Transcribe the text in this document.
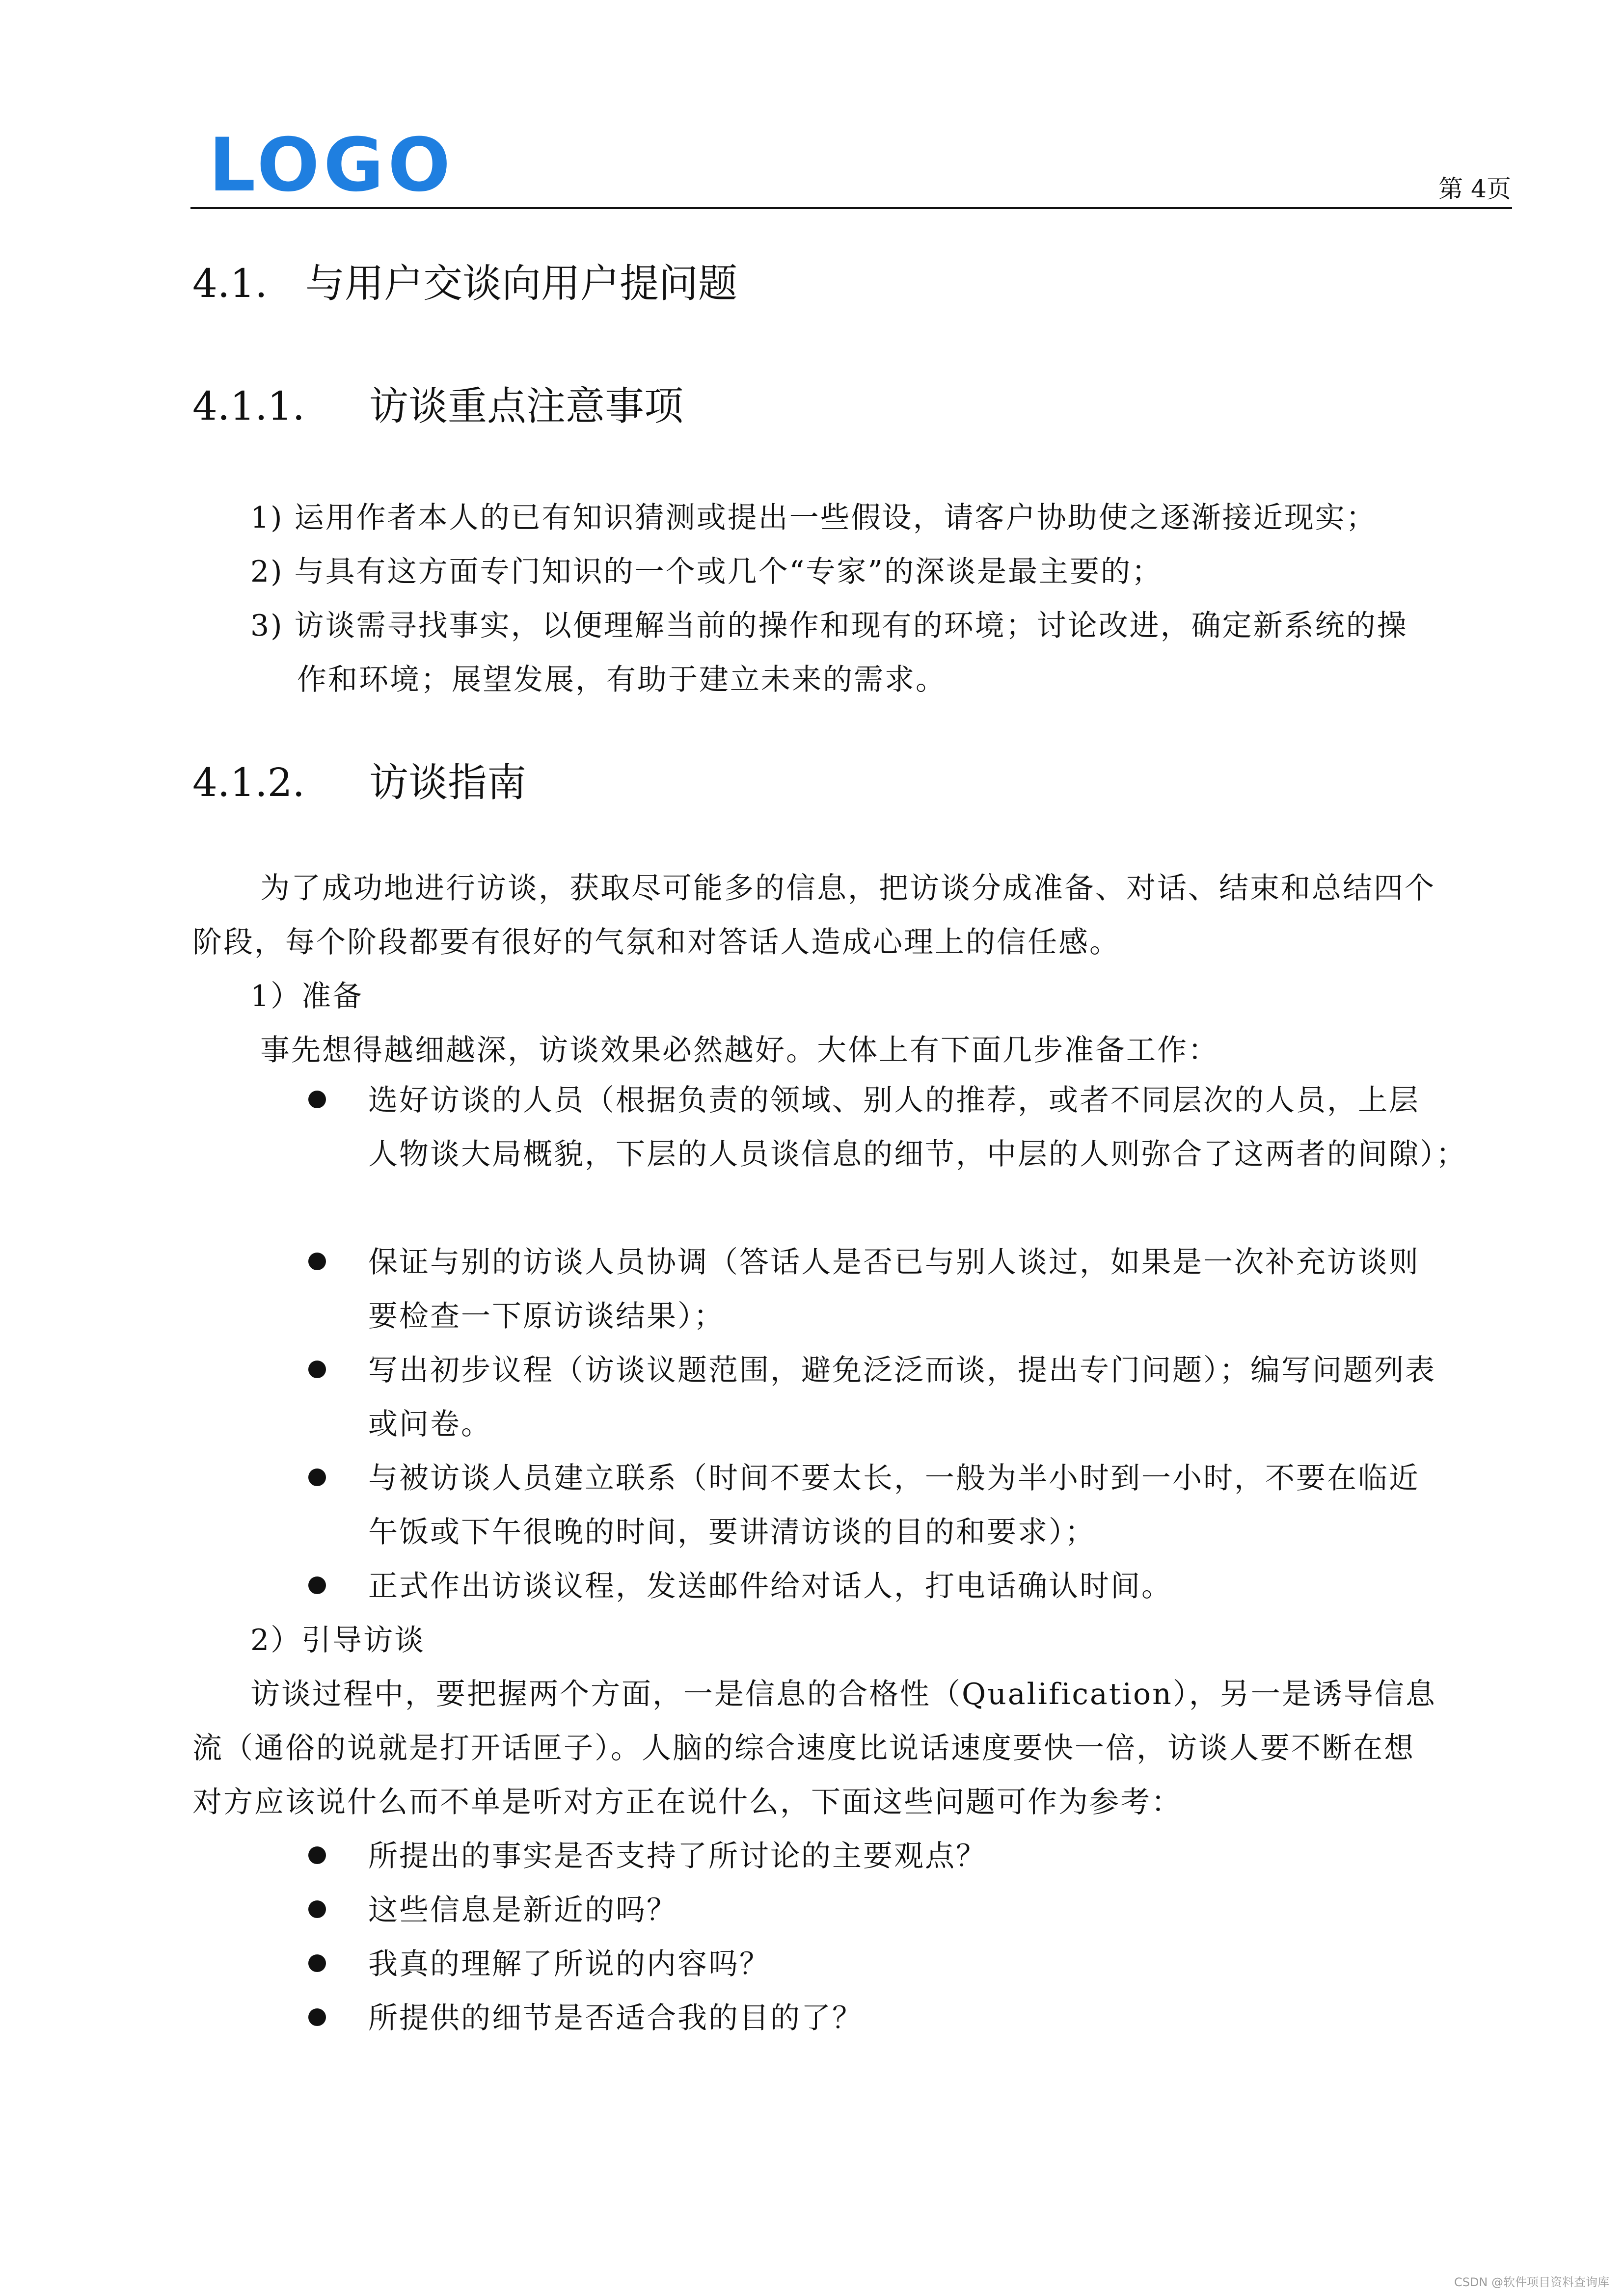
LOGO	第 4页
4.1. 与用户交谈向用户提问题
4.1.1. 访谈重点注意事项
1) 运用作者本人的已有知识猜测或提出一些假设，请客户协助使之逐渐接近现实；
2) 与具有这方面专门知识的一个或几个“专家”的深谈是最主要的；
3) 访谈需寻找事实，以便理解当前的操作和现有的环境；讨论改进，确定新系统的操
作和环境；展望发展，有助于建立未来的需求。
4.1.2. 访谈指南
为了成功地进行访谈，获取尽可能多的信息，把访谈分成准备、对话、结束和总结四个
阶段，每个阶段都要有很好的气氛和对答话人造成心理上的信任感。
1）准备
事先想得越细越深，访谈效果必然越好。大体上有下面几步准备工作：
选好访谈的人员（根据负责的领域、别人的推荐，或者不同层次的人员，上层
人物谈大局概貌，下层的人员谈信息的细节，中层的人则弥合了这两者的间隙）；
保证与别的访谈人员协调（答话人是否已与别人谈过，如果是一次补充访谈则
要检查一下原访谈结果）；
写出初步议程（访谈议题范围，避免泛泛而谈，提出专门问题）；编写问题列表
或问卷。
与被访谈人员建立联系（时间不要太长，一般为半小时到一小时，不要在临近
午饭或下午很晚的时间，要讲清访谈的目的和要求）；
正式作出访谈议程，发送邮件给对话人，打电话确认时间。
2）引导访谈
访谈过程中，要把握两个方面，一是信息的合格性（Qualification），另一是诱导信息
流（通俗的说就是打开话匣子）。人脑的综合速度比说话速度要快一倍，访谈人要不断在想
对方应该说什么而不单是听对方正在说什么，下面这些问题可作为参考：
所提出的事实是否支持了所讨论的主要观点？
这些信息是新近的吗？
我真的理解了所说的内容吗？
所提供的细节是否适合我的目的了？
CSDN @软件项目资料查询库
